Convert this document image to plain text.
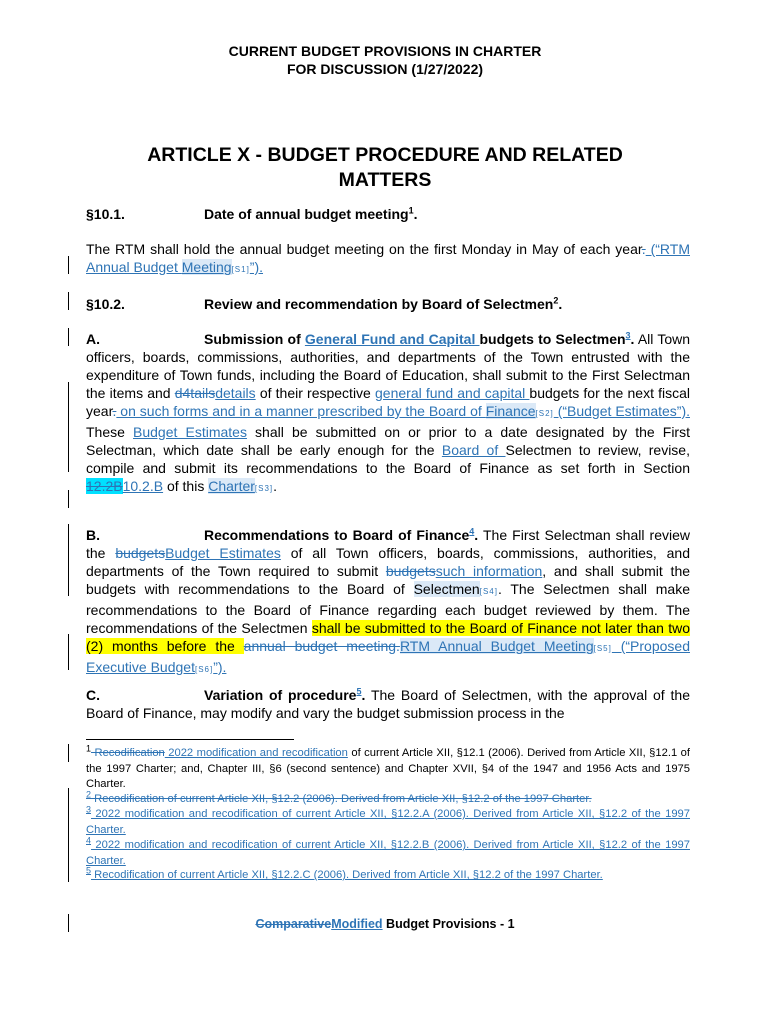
CURRENT BUDGET PROVISIONS IN CHARTER
FOR DISCUSSION (1/27/2022)
ARTICLE X - BUDGET PROCEDURE AND RELATED
MATTERS
§10.1.	Date of annual budget meeting$^1$.
The RTM shall hold the annual budget meeting on the first Monday in May of each year. (“RTM Annual Budget Meeting[S1]”).
§10.2.	Review and recommendation by Board of Selectmen$^2$.
A.	Submission of General Fund and Capital budgets to Selectmen$^3$. All Town officers, boards, commissions, authorities, and departments of the Town entrusted with the expenditure of Town funds, including the Board of Education, shall submit to the First Selectman the items and d4tailsdetails of their respective general fund and capital budgets for the next fiscal year. on such forms and in a manner prescribed by the Board of Finance[S2] (“Budget Estimates”). These Budget Estimates shall be submitted on or prior to a date designated by the First Selectman, which date shall be early enough for the Board of Selectmen to review, revise, compile and submit its recommendations to the Board of Finance as set forth in Section 12.2B10.2.B of this Charter[S3].
B.	Recommendations to Board of Finance$^4$. The First Selectman shall review the budgetsBudget Estimates of all Town officers, boards, commissions, authorities, and departments of the Town required to submit budgetssuch information, and shall submit the budgets with recommendations to the Board of Selectmen[S4]. The Selectmen shall make recommendations to the Board of Finance regarding each budget reviewed by them. The recommendations of the Selectmen shall be submitted to the Board of Finance not later than two (2) months before the annual budget meeting.RTM Annual Budget Meeting[S5] (“Proposed Executive Budget[S6]”).
C.	Variation of procedure$^5$. The Board of Selectmen, with the approval of the Board of Finance, may modify and vary the budget submission process in the
$^1$ Recodification 2022 modification and recodification of current Article XII, §12.1 (2006). Derived from Article XII, §12.1 of the 1997 Charter; and, Chapter III, §6 (second sentence) and Chapter XVII, §4 of the 1947 and 1956 Acts and 1975 Charter.
$^2$ Recodification of current Article XII, §12.2 (2006). Derived from Article XII, §12.2 of the 1997 Charter.
$^3$ 2022 modification and recodification of current Article XII, §12.2.A (2006). Derived from Article XII, §12.2 of the 1997 Charter.
$^4$ 2022 modification and recodification of current Article XII, §12.2.B (2006). Derived from Article XII, §12.2 of the 1997 Charter.
$^5$ Recodification of current Article XII, §12.2.C (2006). Derived from Article XII, §12.2 of the 1997 Charter.
ComparativeModified Budget Provisions - 1
